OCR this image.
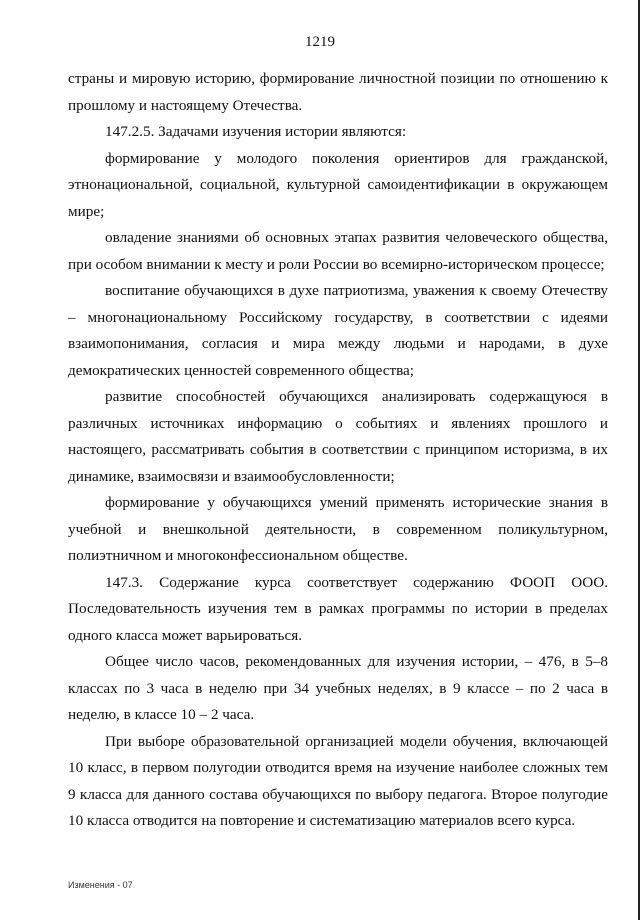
1219

страны и мировую историю, формирование личностной позиции по отношению к прошлому и настоящему Отечества.

147.2.5. Задачами изучения истории являются:

формирование у молодого поколения ориентиров для гражданской, этнонациональной, социальной, культурной самоидентификации в окружающем мире;

овладение знаниями об основных этапах развития человеческого общества, при особом внимании к месту и роли России во всемирно-историческом процессе;

воспитание обучающихся в духе патриотизма, уважения к своему Отечеству – многонациональному Российскому государству, в соответствии с идеями взаимопонимания, согласия и мира между людьми и народами, в духе демократических ценностей современного общества;

развитие способностей обучающихся анализировать содержащуюся в различных источниках информацию о событиях и явлениях прошлого и настоящего, рассматривать события в соответствии с принципом историзма, в их динамике, взаимосвязи и взаимообусловленности;

формирование у обучающихся умений применять исторические знания в учебной и внешкольной деятельности, в современном поликультурном, полиэтничном и многоконфессиональном обществе.

147.3. Содержание курса соответствует содержанию ФООП ООО. Последовательность изучения тем в рамках программы по истории в пределах одного класса может варьироваться.

Общее число часов, рекомендованных для изучения истории, – 476, в 5–8 классах по 3 часа в неделю при 34 учебных неделях, в 9 классе – по 2 часа в неделю, в классе 10 – 2 часа.

При выборе образовательной организацией модели обучения, включающей 10 класс, в первом полугодии отводится время на изучение наиболее сложных тем 9 класса для данного состава обучающихся по выбору педагога. Второе полугодие 10 класса отводится на повторение и систематизацию материалов всего курса.

Изменения - 07
